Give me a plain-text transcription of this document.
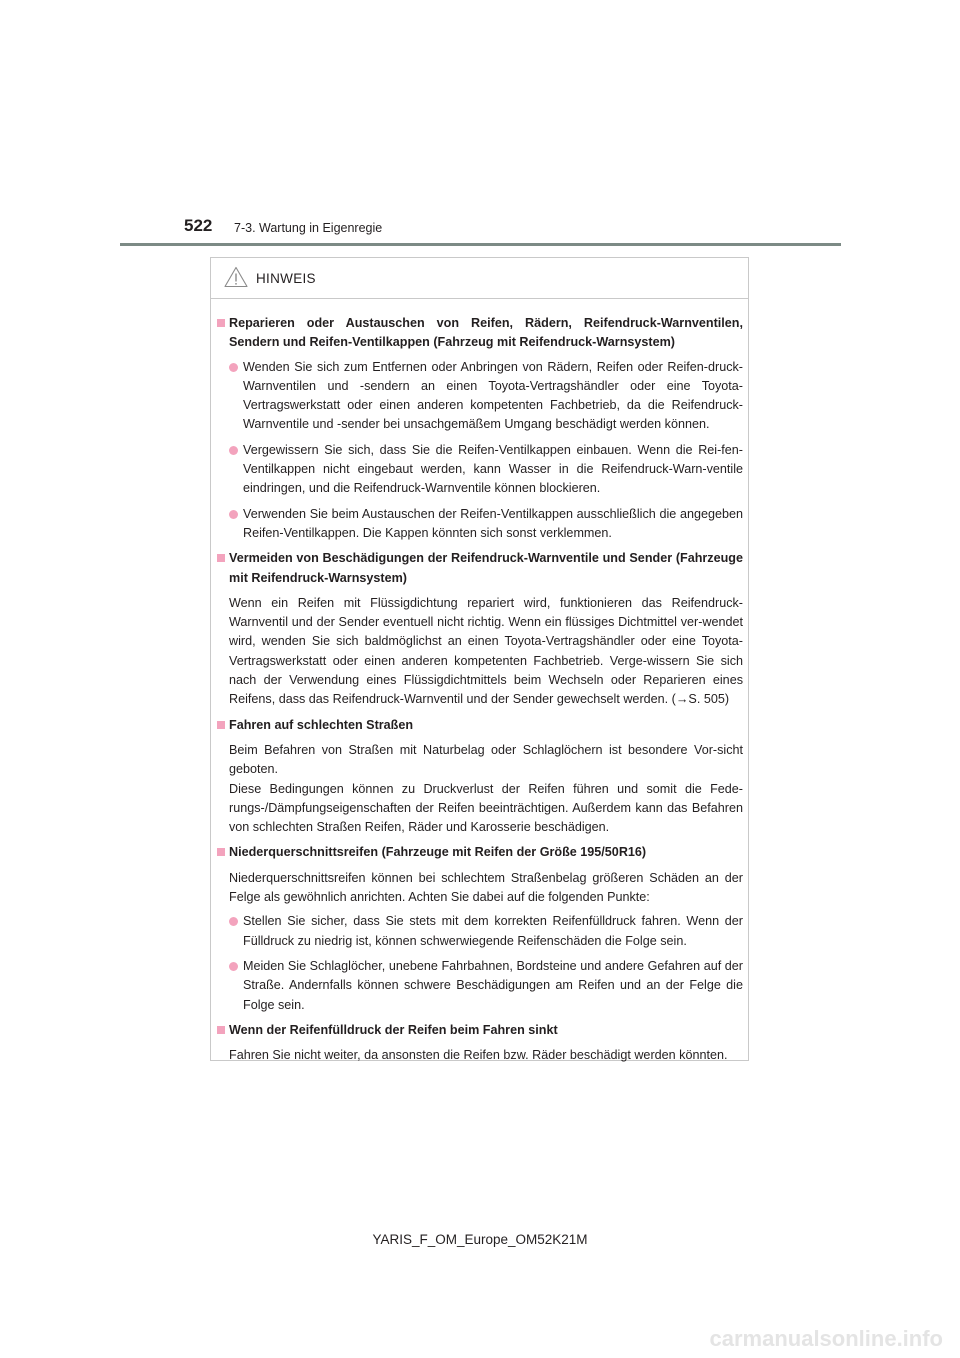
522 7-3. Wartung in Eigenregie
HINWEIS
Reparieren oder Austauschen von Reifen, Rädern, Reifendruck-Warnventilen, Sendern und Reifen-Ventilkappen (Fahrzeug mit Reifendruck-Warnsystem)
Wenden Sie sich zum Entfernen oder Anbringen von Rädern, Reifen oder Reifen-druck-Warnventilen und -sendern an einen Toyota-Vertragshändler oder eine Toyota-Vertragswerkstatt oder einen anderen kompetenten Fachbetrieb, da die Reifendruck-Warnventile und -sender bei unsachgemäßem Umgang beschädigt werden können.
Vergewissern Sie sich, dass Sie die Reifen-Ventilkappen einbauen. Wenn die Rei-fen-Ventilkappen nicht eingebaut werden, kann Wasser in die Reifendruck-Warn-ventile eindringen, und die Reifendruck-Warnventile können blockieren.
Verwenden Sie beim Austauschen der Reifen-Ventilkappen ausschließlich die angegeben Reifen-Ventilkappen. Die Kappen könnten sich sonst verklemmen.
Vermeiden von Beschädigungen der Reifendruck-Warnventile und Sender (Fahrzeuge mit Reifendruck-Warnsystem)
Wenn ein Reifen mit Flüssigdichtung repariert wird, funktionieren das Reifendruck-Warnventil und der Sender eventuell nicht richtig. Wenn ein flüssiges Dichtmittel ver-wendet wird, wenden Sie sich baldmöglichst an einen Toyota-Vertragshändler oder eine Toyota-Vertragswerkstatt oder einen anderen kompetenten Fachbetrieb. Verge-wissern Sie sich nach der Verwendung eines Flüssigdichtmittels beim Wechseln oder Reparieren eines Reifens, dass das Reifendruck-Warnventil und der Sender gewechselt werden. (→S. 505)
Fahren auf schlechten Straßen
Beim Befahren von Straßen mit Naturbelag oder Schlaglöchern ist besondere Vor-sicht geboten.
Diese Bedingungen können zu Druckverlust der Reifen führen und somit die Fede-rungs-/Dämpfungseigenschaften der Reifen beeinträchtigen. Außerdem kann das Befahren von schlechten Straßen Reifen, Räder und Karosserie beschädigen.
Niederquerschnittsreifen (Fahrzeuge mit Reifen der Größe 195/50R16)
Niederquerschnittsreifen können bei schlechtem Straßenbelag größeren Schäden an der Felge als gewöhnlich anrichten. Achten Sie dabei auf die folgenden Punkte:
Stellen Sie sicher, dass Sie stets mit dem korrekten Reifenfülldruck fahren. Wenn der Fülldruck zu niedrig ist, können schwerwiegende Reifenschäden die Folge sein.
Meiden Sie Schlaglöcher, unebene Fahrbahnen, Bordsteine und andere Gefahren auf der Straße. Andernfalls können schwere Beschädigungen am Reifen und an der Felge die Folge sein.
Wenn der Reifenfülldruck der Reifen beim Fahren sinkt
Fahren Sie nicht weiter, da ansonsten die Reifen bzw. Räder beschädigt werden könnten.
YARIS_F_OM_Europe_OM52K21M
carmanualsonline.info
